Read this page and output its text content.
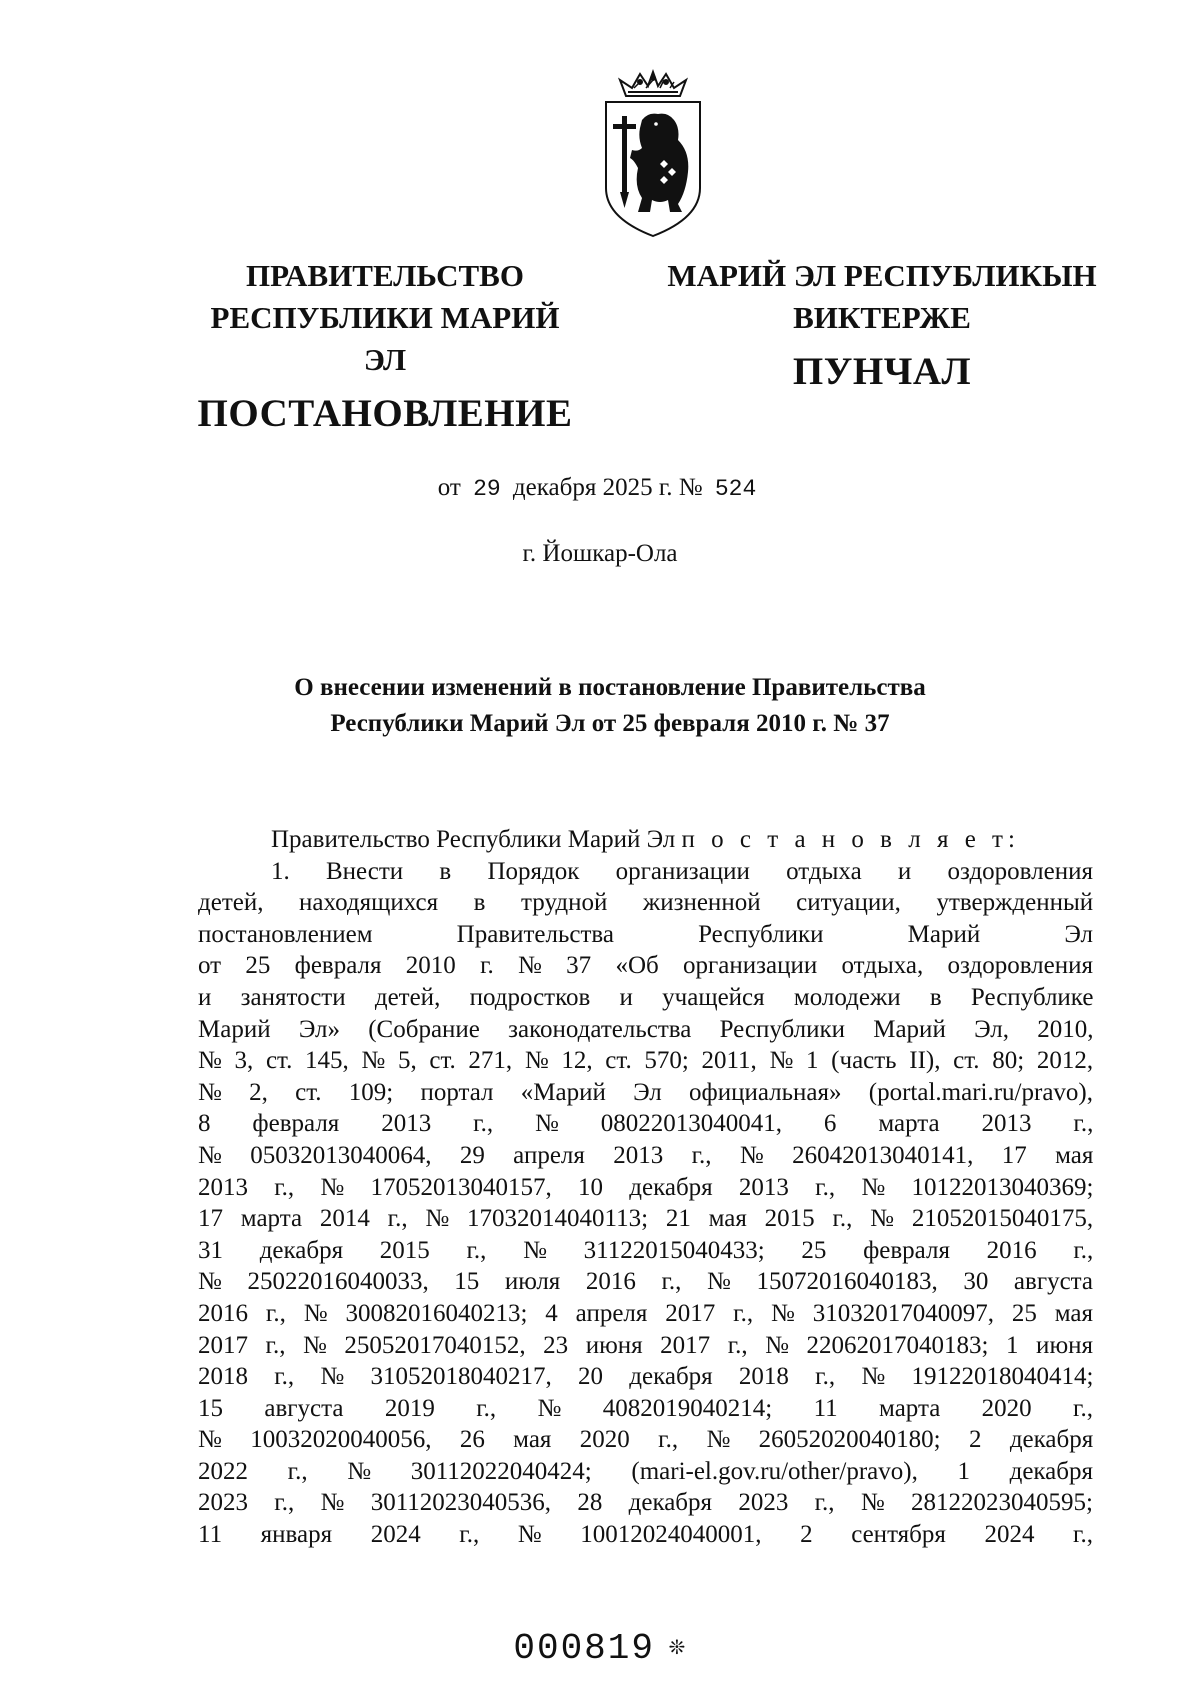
ПРАВИТЕЛЬСТВО
РЕСПУБЛИКИ МАРИЙ ЭЛ
ПОСТАНОВЛЕНИЕ
МАРИЙ ЭЛ РЕСПУБЛИКЫН
ВИКТЕРЖЕ
ПУНЧАЛ
от 29 декабря 2025 г. № 524
г. Йошкар-Ола
О внесении изменений в постановление Правительства
Республики Марий Эл от 25 февраля 2010 г. № 37
Правительство Республики Марий Эл п о с т а н о в л я е т:
1. Внести в Порядок организации отдыха и оздоровления
детей, находящихся в трудной жизненной ситуации, утвержденный
постановлением Правительства Республики Марий Эл
от 25 февраля 2010 г. № 37 «Об организации отдыха, оздоровления
и занятости детей, подростков и учащейся молодежи в Республике
Марий Эл» (Собрание законодательства Республики Марий Эл, 2010,
№ 3, ст. 145, № 5, ст. 271, № 12, ст. 570; 2011, № 1 (часть II), ст. 80; 2012,
№ 2, ст. 109; портал «Марий Эл официальная» (portal.mari.ru/pravo),
8 февраля 2013 г., № 08022013040041, 6 марта 2013 г.,
№ 05032013040064, 29 апреля 2013 г., № 26042013040141, 17 мая
2013 г., № 17052013040157, 10 декабря 2013 г., № 10122013040369;
17 марта 2014 г., № 17032014040113; 21 мая 2015 г., № 21052015040175,
31 декабря 2015 г., № 31122015040433; 25 февраля 2016 г.,
№ 25022016040033, 15 июля 2016 г., № 15072016040183, 30 августа
2016 г., № 30082016040213; 4 апреля 2017 г., № 31032017040097, 25 мая
2017 г., № 25052017040152, 23 июня 2017 г., № 22062017040183; 1 июня
2018 г., № 31052018040217, 20 декабря 2018 г., № 19122018040414;
15 августа 2019 г., № 4082019040214; 11 марта 2020 г.,
№ 10032020040056, 26 мая 2020 г., № 26052020040180; 2 декабря
2022 г., № 30112022040424; (mari-el.gov.ru/other/pravo), 1 декабря
2023 г., № 30112023040536, 28 декабря 2023 г., № 28122023040595;
11 января 2024 г., № 10012024040001, 2 сентября 2024 г.,
000819 ❊
